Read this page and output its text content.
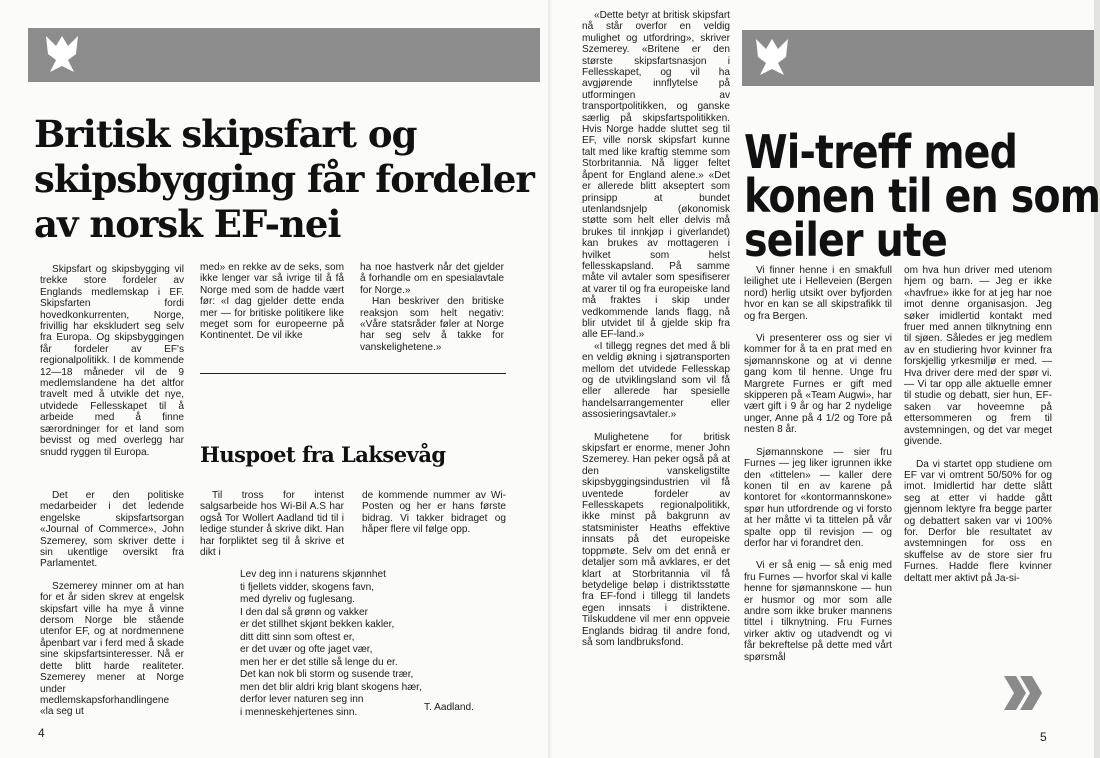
Britisk skipsfart og
skipsbygging får fordeler
av norsk EF-nei

Skipsfart og skipsbygging vil trekke store fordeler av Englands medlemskap i EF. Skipsfarten fordi hovedkonkurrenten, Norge, frivillig har ekskludert seg selv fra Europa. Og skipsbyggingen får fordeler av EF's regionalpolitikk. I de kommende 12—18 måneder vil de 9 medlemslandene ha det altfor travelt med å utvikle det nye, utvidede Fellesskapet til å arbeide med å finne særordninger for et land som bevisst og med overlegg har snudd ryggen til Europa.

med» en rekke av de seks, som ikke lenger var så ivrige til å få Norge med som de hadde vært før: «I dag gjelder dette enda mer — for britiske politikere like meget som for europeerne på Kontinentet. De vil ikke

ha noe hastverk når det gjelder å forhandle om en spesialavtale for Norge.»

Han beskriver den britiske reaksjon som helt negativ: «Våre statsråder føler at Norge har seg selv å takke for vanskelighetene.»

Huspoet fra Laksevåg

Det er den politiske medarbeider i det ledende engelske skipsfartsorgan «Journal of Commerce», John Szemerey, som skriver dette i sin ukentlige oversikt fra Parlamentet.

Szemerey minner om at han for et år siden skrev at engelsk skipsfart ville ha mye å vinne dersom Norge ble stående utenfor EF, og at nordmennene åpenbart var i ferd med å skade sine skipsfartsinteresser. Nå er dette blitt harde realiteter. Szemerey mener at Norge under medlemskapsforhandlingene «la seg ut

Til tross for intenst salgsarbeide hos Wi-Bil A.S har også Tor Wollert Aadland tid til i ledige stunder å skrive dikt. Han har forpliktet seg til å skrive et dikt i

de kommende nummer av Wi-Posten og her er hans første bidrag. Vi takker bidraget og håper flere vil følge opp.

Lev deg inn i naturens skjønnhet
ti fjellets vidder, skogens favn,
med dyreliv og fuglesang.
I den dal så grønn og vakker
er det stillhet skjønt bekken kakler,
ditt ditt sinn som oftest er,
er det uvær og ofte jaget vær,
men her er det stille så lenge du er.
Det kan nok bli storm og susende trær,
men det blir aldri krig blant skogens hær,
derfor lever naturen seg inn
i menneskehjertenes sinn.	T. Aadland.
4

«Dette betyr at britisk skipsfart nå står overfor en veldig mulighet og utfordring», skriver Szemerey. «Britene er den største skipsfartsnasjon i Fellesskapet, og vil ha avgjørende innflytelse på utformingen av transportpolitikken, og ganske særlig på skipsfartspolitikken. Hvis Norge hadde sluttet seg til EF, ville norsk skipsfart kunne talt med like kraftig stemme som Storbritannia. Nå ligger feltet åpent for England alene.» «Det er allerede blitt akseptert som prinsipp at bundet utenlandsnjelp (økonomisk støtte som helt eller delvis må brukes til innkjøp i giverlandet) kan brukes av mottageren i hvilket som helst fellesskapsland. På samme måte vil avtaler som spesifiserer at varer til og fra europeiske land må fraktes i skip under vedkommende lands flagg, nå blir utvidet til å gjelde skip fra alle EF-land.»

«I tillegg regnes det med å bli en veldig økning i sjøtransporten mellom det utvidede Fellesskap og de utviklingsland som vil få eller allerede har spesielle handelsarrangementer eller assosieringsavtaler.»

Mulighetene for britisk skipsfart er enorme, mener John Szemerey. Han peker også på at den vanskeligstilte skipsbyggingsindustrien vil få uventede fordeler av Fellesskapets regionalpolitikk, ikke minst på bakgrunn av statsminister Heaths effektive innsats på det europeiske toppmøte. Selv om det ennå er detaljer som må avklares, er det klart at Storbritannia vil få betydelige beløp i distriktsstøtte fra EF-fond i tillegg til landets egen innsats i distriktene. Tilskuddene vil mer enn oppveie Englands bidrag til andre fond, så som landbruksfond.

Wi-treff med
konen til en som
seiler ute

Vi finner henne i en smakfull leilighet ute i Helleveien (Bergen nord) herlig utsikt over byfjorden hvor en kan se all skipstrafikk til og fra Bergen.

Vi presenterer oss og sier vi kommer for å ta en prat med en sjømannskone og at vi denne gang kom til henne. Unge fru Margrete Furnes er gift med skipperen på «Team Augwi», har vært gift i 9 år og har 2 nydelige unger, Anne på 4 1/2 og Tore på nesten 8 år.

Sjømannskone — sier fru Furnes — jeg liker igrunnen ikke den «tittelen» — kaller dere konen til en av karene på kontoret for «kontormannskone» spør hun utfordrende og vi forsto at her måtte vi ta tittelen på vår spalte opp til revisjon — og derfor har vi forandret den.

Vi er så enig — så enig med fru Furnes — hvorfor skal vi kalle henne for sjømannskone — hun er husmor og mor som alle andre som ikke bruker mannens tittel i tilknytning. Fru Furnes virker aktiv og utadvendt og vi får bekreftelse på dette med vårt spørsmål

om hva hun driver med utenom hjem og barn. — Jeg er ikke «havfrue» ikke for at jeg har noe imot denne organisasjon. Jeg søker imidlertid kontakt med fruer med annen tilknytning enn til sjøen. Således er jeg medlem av en studiering hvor kvinner fra forskjellig yrkesmiljø er med. — Hva driver dere med der spør vi. — Vi tar opp alle aktuelle emner til studie og debatt, sier hun, EF-saken var hoveemne på ettersommeren og frem til avstemningen, og det var meget givende.

Da vi startet opp studiene om EF var vi omtrent 50/50% for og imot. Imidlertid har dette slått seg at etter vi hadde gått gjennom lektyre fra begge parter og debattert saken var vi 100% for. Derfor ble resultatet av avstemningen for oss en skuffelse av de store sier fru Furnes. Hadde flere kvinner deltatt mer aktivt på Ja-si-

5
